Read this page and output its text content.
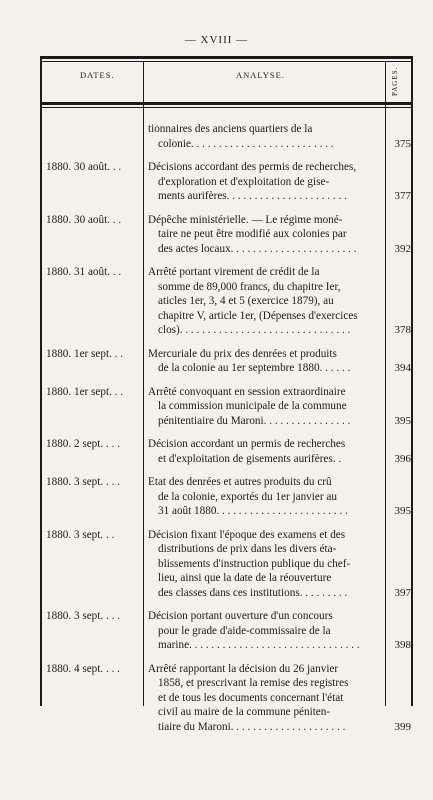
— XVIII —
DATES.	ANALYSE.	PAGES.
tionnaires des anciens quartiers de la
colonie. . . . . . . . . . . . . . . . . . . . . . . . . .	375
1880. 30 août. . .	Décisions accordant des permis de recherches,
d'exploration et d'exploitation de gise-
ments aurifères. . . . . . . . . . . . . . . . . . . . . .	377
1880. 30 août. . .	Dépêche ministérielle. — Le régime moné-
taire ne peut être modifié aux colonies par
des actes locaux. . . . . . . . . . . . . . . . . . . . . . .	392
1880. 31 août. . .	Arrêté portant virement de crédit de la
somme de 89,000 francs, du chapitre Ier,
aticles 1er, 3, 4 et 5 (exercice 1879), au
chapitre V, article 1er, (Dépenses d'exercices
clos). . . . . . . . . . . . . . . . . . . . . . . . . . . . . . .	378
1880. 1er sept. . .	Mercuriale du prix des denrées et produits
de la colonie au 1er septembre 1880. . . . . .	394
1880. 1er sept. . .	Arrêté convoquant en session extraordinaire
la commission municipale de la commune
pénitentiaire du Maroni. . . . . . . . . . . . . . . .	395
1880. 2 sept. . . .	Décision accordant un permis de recherches
et d'exploitation de gisements aurifères. .	396
1880. 3 sept. . . .	Etat des denrées et autres produits du crû
de la colonie, exportés du 1er janvier au
31 août 1880. . . . . . . . . . . . . . . . . . . . . . . .	395
1880. 3 sept. . .	Décision fixant l'époque des examens et des
distributions de prix dans les divers éta-
blissements d'instruction publique du chef-
lieu, ainsi que la date de la réouverture
des classes dans ces institutions. . . . . . . . .	397
1880. 3 sept. . . .	Décision portant ouverture d'un concours
pour le grade d'aide-commissaire de la
marine. . . . . . . . . . . . . . . . . . . . . . . . . . . . . . .	398
1880. 4 sept. . . .	Arrêté rapportant la décision du 26 janvier
1858, et prescrivant la remise des registres
et de tous les documents concernant l'état
civil au maire de la commune péniten-
tiaire du Maroni. . . . . . . . . . . . . . . . . . . . .	399
